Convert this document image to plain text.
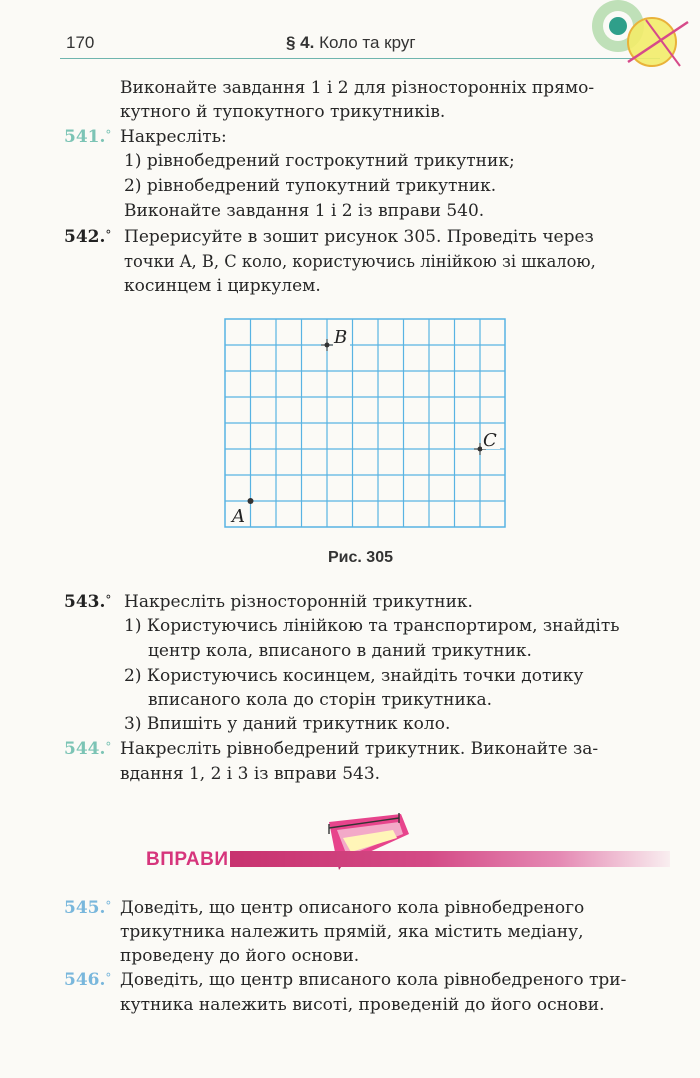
170	§ 4. Коло та круг
Виконайте завдання 1 і 2 для різносторонніх прямо-
кутного й тупокутного трикутників.
541.° Накресліть:
1) рівнобедрений гострокутний трикутник;
2) рівнобедрений тупокутний трикутник.
Виконайте завдання 1 і 2 із вправи 540.
542.° Перерисуйте в зошит рисунок 305. Проведіть через
точки A, B, C коло, користуючись лінійкою зі шкалою,
косинцем і циркулем.
A
B
C
Рис. 305
543.° Накресліть різносторонній трикутник.
1) Користуючись лінійкою та транспортиром, знайдіть
центр кола, вписаного в даний трикутник.
2) Користуючись косинцем, знайдіть точки дотику
вписаного кола до сторін трикутника.
3) Впишіть у даний трикутник коло.
544.° Накресліть рівнобедрений трикутник. Виконайте за-
вдання 1, 2 і 3 із вправи 543.
ВПРАВИ
545.° Доведіть, що центр описаного кола рівнобедреного
трикутника належить прямій, яка містить медіану,
проведену до його основи.
546.° Доведіть, що центр вписаного кола рівнобедреного три-
кутника належить висоті, проведеній до його основи.
